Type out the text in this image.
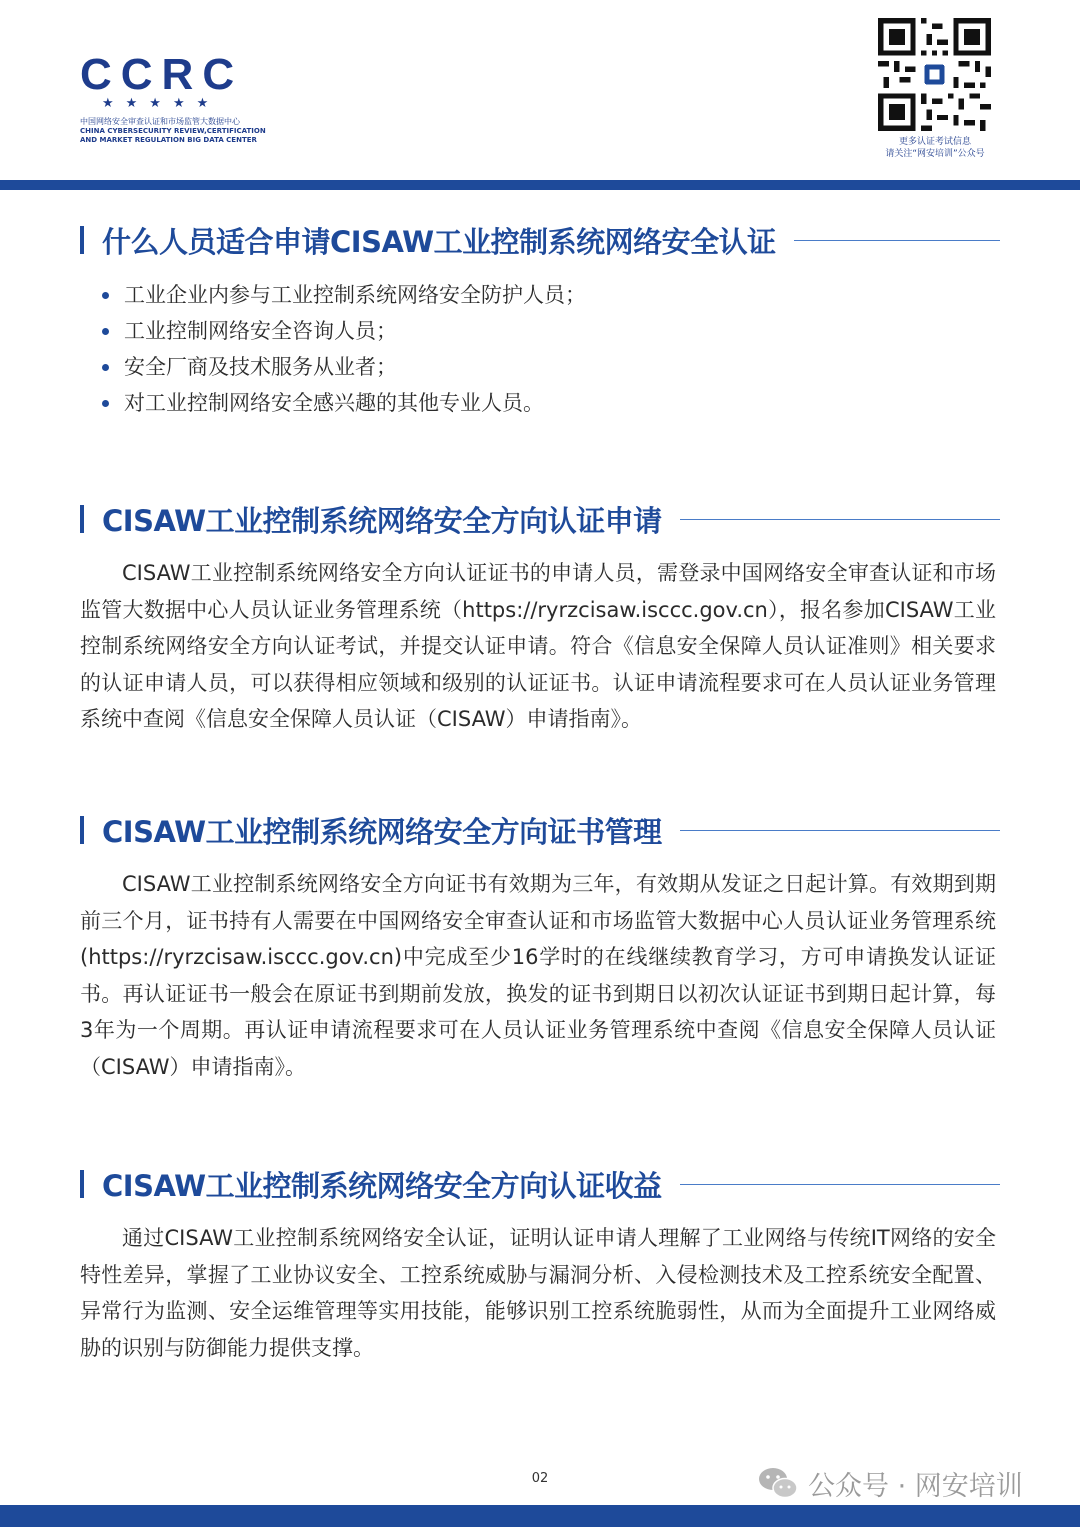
CCRC
★★★★★
中国网络安全审查认证和市场监管大数据中心
CHINA CYBERSECURITY REVIEW,CERTIFICATION
AND MARKET REGULATION BIG DATA CENTER	更多认证考试信息
请关注“网安培训”公众号
什么人员适合申请CISAW工业控制系统网络安全认证
工业企业内参与工业控制系统网络安全防护人员；
工业控制网络安全咨询人员；
安全厂商及技术服务从业者；
对工业控制网络安全感兴趣的其他专业人员。
CISAW工业控制系统网络安全方向认证申请

CISAW工业控制系统网络安全方向认证证书的申请人员，需登录中国网络安全审查认证和市场监管大数据中心人员认证业务管理系统（https://ryrzcisaw.isccc.gov.cn），报名参加CISAW工业控制系统网络安全方向认证考试，并提交认证申请。符合《信息安全保障人员认证准则》相关要求的认证申请人员，可以获得相应领域和级别的认证证书。认证申请流程要求可在人员认证业务管理系统中查阅《信息安全保障人员认证（CISAW）申请指南》。

CISAW工业控制系统网络安全方向证书管理

CISAW工业控制系统网络安全方向证书有效期为三年，有效期从发证之日起计算。有效期到期前三个月，证书持有人需要在中国网络安全审查认证和市场监管大数据中心人员认证业务管理系统(https://ryrzcisaw.isccc.gov.cn)中完成至少16学时的在线继续教育学习，方可申请换发认证证书。再认证证书一般会在原证书到期前发放，换发的证书到期日以初次认证证书到期日起计算，每3年为一个周期。再认证申请流程要求可在人员认证业务管理系统中查阅《信息安全保障人员认证（CISAW）申请指南》。

CISAW工业控制系统网络安全方向认证收益

通过CISAW工业控制系统网络安全认证，证明认证申请人理解了工业网络与传统IT网络的安全特性差异，掌握了工业协议安全、工控系统威胁与漏洞分析、入侵检测技术及工控系统安全配置、异常行为监测、安全运维管理等实用技能，能够识别工控系统脆弱性，从而为全面提升工业网络威胁的识别与防御能力提供支撑。

02	公众号 · 网安培训
